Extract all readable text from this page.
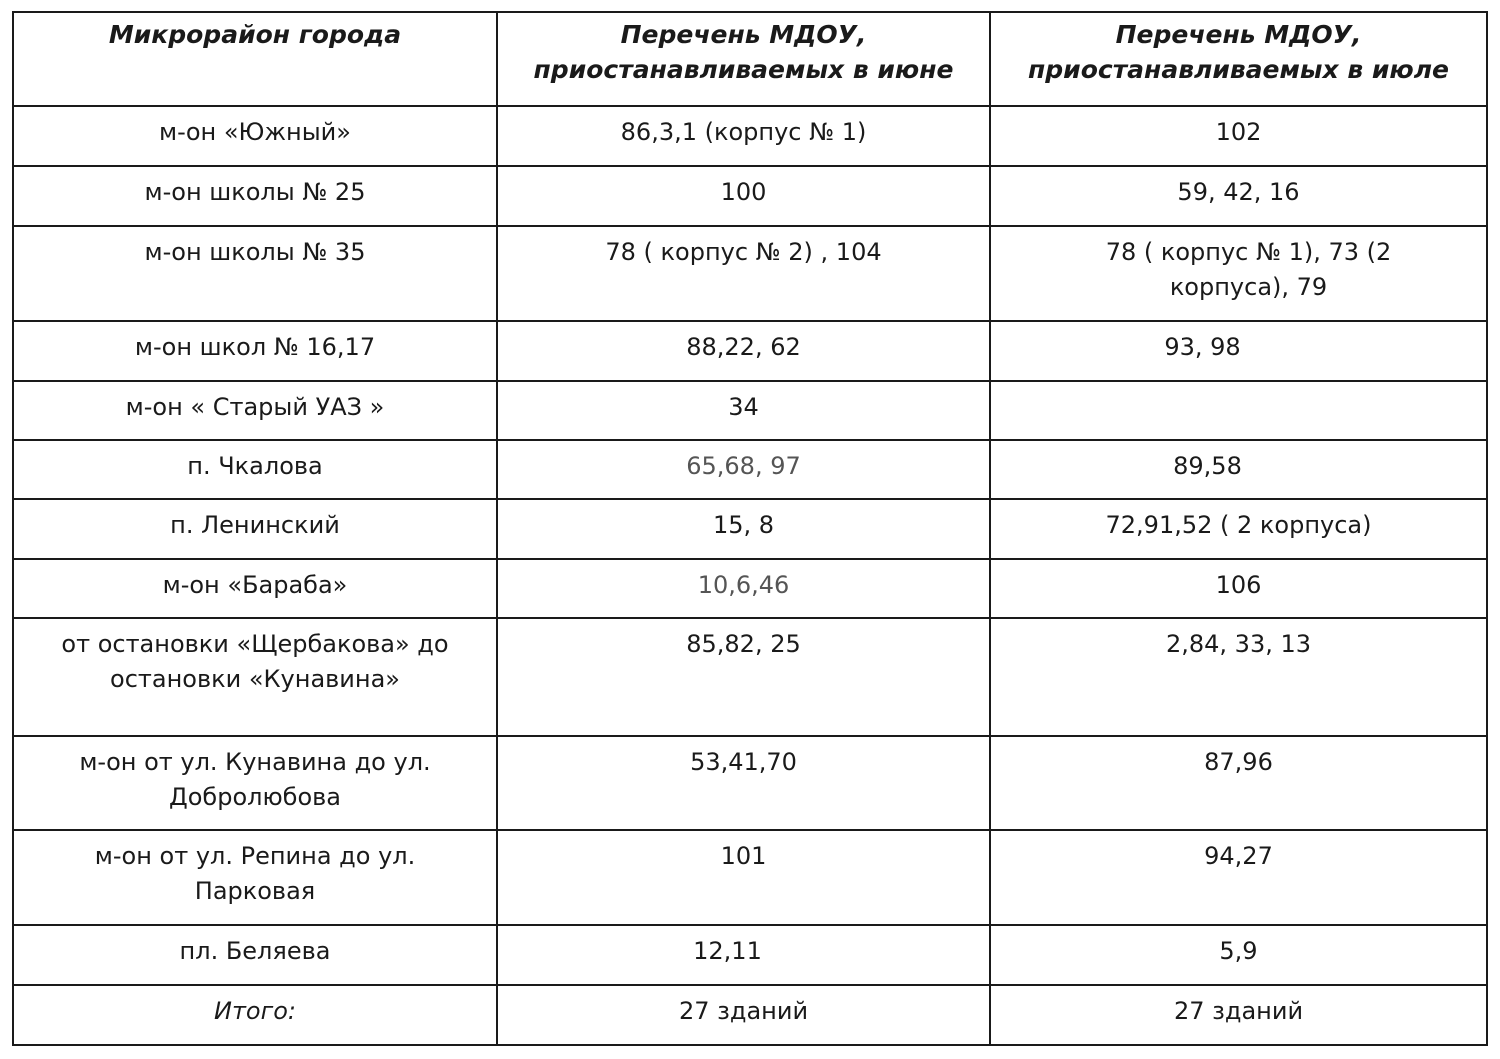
Микрорайон города	Перечень МДОУ, приостанавливаемых в июне	Перечень МДОУ, приостанавливаемых в июле
м-он «Южный»	86,3,1 (корпус № 1)	102
м-он школы № 25	100	59, 42, 16
м-он школы № 35	78 ( корпус № 2) , 104	78 ( корпус № 1), 73 (2 корпуса), 79
м-он школ № 16,17	88,22, 62	93, 98
м-он « Старый УАЗ »	34	
п. Чкалова	65,68, 97	89,58
п. Ленинский	15, 8	72,91,52 ( 2 корпуса)
м-он «Бараба»	10,6,46	106
от остановки «Щербакова» до остановки «Кунавина»	85,82, 25	2,84, 33, 13
м-он от ул. Кунавина до ул. Добролюбова	53,41,70	87,96
м-он от ул. Репина до ул. Парковая	101	94,27
пл. Беляева	12,11	5,9
Итого:	27 зданий	27 зданий
